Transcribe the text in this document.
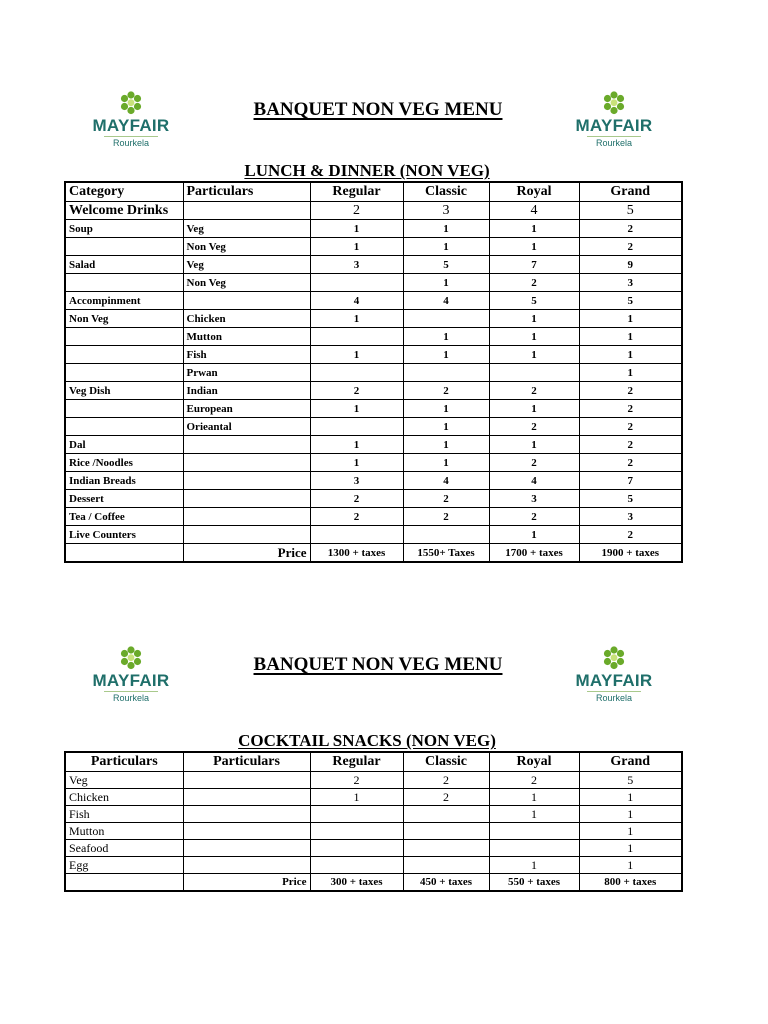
MAYFAIR
Rourkela
MAYFAIR
Rourkela
BANQUET NON VEG MENU
LUNCH & DINNER (NON VEG)
Category	Particulars	Regular	Classic	Royal	Grand
Welcome Drinks		2	3	4	5
Soup	Veg	1	1	1	2
	Non Veg	1	1	1	2
Salad	Veg	3	5	7	9
	Non Veg		1	2	3
Accompinment		4	4	5	5
Non Veg	Chicken	1		1	1
	Mutton		1	1	1
	Fish	1	1	1	1
	Prwan				1
Veg Dish	Indian	2	2	2	2
	European	1	1	1	2
	Orieantal		1	2	2
Dal		1	1	1	2
Rice /Noodles		1	1	2	2
Indian Breads		3	4	4	7
Dessert		2	2	3	5
Tea / Coffee		2	2	2	3
Live Counters				1	2
	Price	1300 + taxes	1550+ Taxes	1700 + taxes	1900 + taxes
MAYFAIR
Rourkela
MAYFAIR
Rourkela
BANQUET NON VEG MENU
COCKTAIL SNACKS (NON VEG)
Particulars	Particulars	Regular	Classic	Royal	Grand
Veg		2	2	2	5
Chicken		1	2	1	1
Fish				1	1
Mutton					1
Seafood					1
Egg				1	1
	Price	300 + taxes	450 + taxes	550 + taxes	800 + taxes
